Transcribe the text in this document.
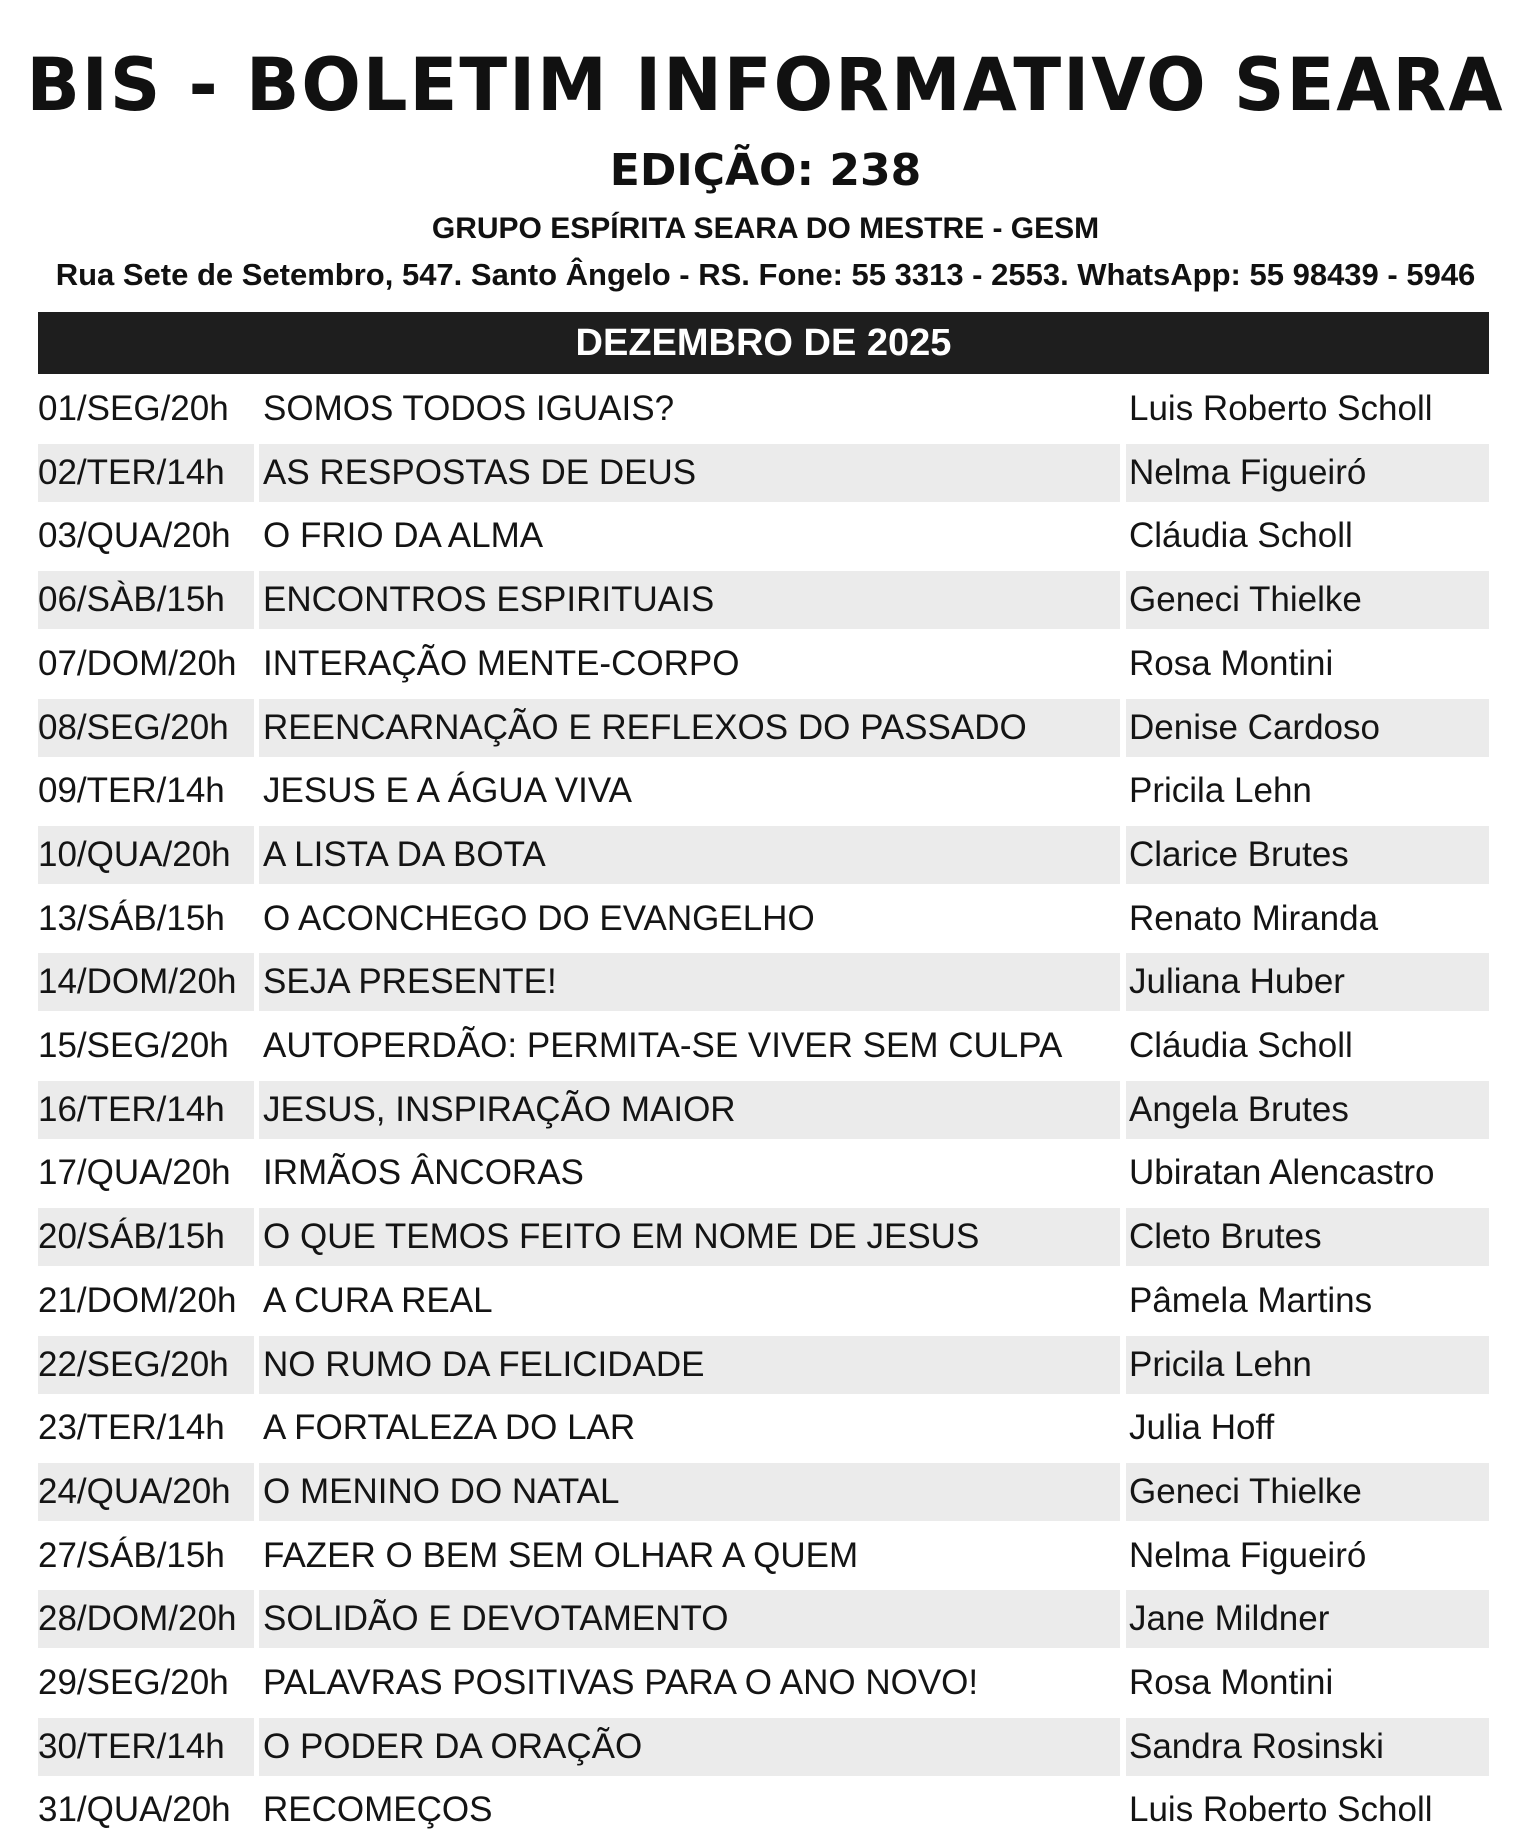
BIS - BOLETIM INFORMATIVO SEARA
EDIÇÃO: 238
GRUPO ESPÍRITA SEARA DO MESTRE - GESM
Rua Sete de Setembro, 547. Santo Ângelo - RS. Fone: 55 3313 - 2553. WhatsApp: 55 98439 - 5946
DEZEMBRO DE 2025
01/SEG/20h SOMOS TODOS IGUAIS?	Luis Roberto Scholl
02/TER/14h	AS RESPOSTAS DE DEUS	Nelma Figueiró
03/QUA/20h O FRIO DA ALMA	Cláudia Scholl
06/SÀB/15h	ENCONTROS ESPIRITUAIS	Geneci Thielke
07/DOM/20h INTERAÇÃO MENTE-CORPO	Rosa Montini
08/SEG/20h REENCARNAÇÃO E REFLEXOS DO PASSADO	Denise Cardoso
09/TER/14h	JESUS E A ÁGUA VIVA	Pricila Lehn
10/QUA/20h A LISTA DA BOTA	Clarice Brutes
13/SÁB/15h	O ACONCHEGO DO EVANGELHO	Renato Miranda
14/DOM/20h SEJA PRESENTE!	Juliana Huber
15/SEG/20h AUTOPERDÃO: PERMITA-SE VIVER SEM CULPA	Cláudia Scholl
16/TER/14h	JESUS, INSPIRAÇÃO MAIOR	Angela Brutes
17/QUA/20h IRMÃOS ÂNCORAS	Ubiratan Alencastro
20/SÁB/15h	O QUE TEMOS FEITO EM NOME DE JESUS	Cleto Brutes
21/DOM/20h A CURA REAL	Pâmela Martins
22/SEG/20h NO RUMO DA FELICIDADE	Pricila Lehn
23/TER/14h	A FORTALEZA DO LAR	Julia Hoff
24/QUA/20h O MENINO DO NATAL	Geneci Thielke
27/SÁB/15h	FAZER O BEM SEM OLHAR A QUEM	Nelma Figueiró
28/DOM/20h SOLIDÃO E DEVOTAMENTO	Jane Mildner
29/SEG/20h PALAVRAS POSITIVAS PARA O ANO NOVO!	Rosa Montini
30/TER/14h	O PODER DA ORAÇÃO	Sandra Rosinski
31/QUA/20h RECOMEÇOS	Luis Roberto Scholl
